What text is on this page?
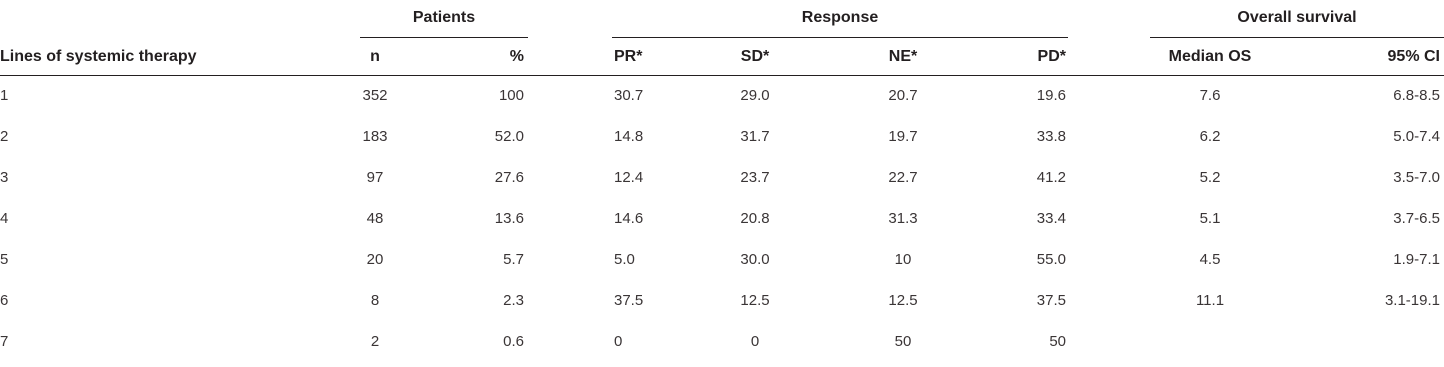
Patients	Response	Overall survival
Lines of systemic therapy	n	%	PR*	SD*	NE*	PD*	Median OS	95% CI
1	352	100	30.7	29.0	20.7	19.6	7.6	6.8-8.5
2	183	52.0	14.8	31.7	19.7	33.8	6.2	5.0-7.4
3	97	27.6	12.4	23.7	22.7	41.2	5.2	3.5-7.0
4	48	13.6	14.6	20.8	31.3	33.4	5.1	3.7-6.5
5	20	5.7	5.0	30.0	10	55.0	4.5	1.9-7.1
6	8	2.3	37.5	12.5	12.5	37.5	11.1	3.1-19.1
7	2	0.6	0	0	50	50
